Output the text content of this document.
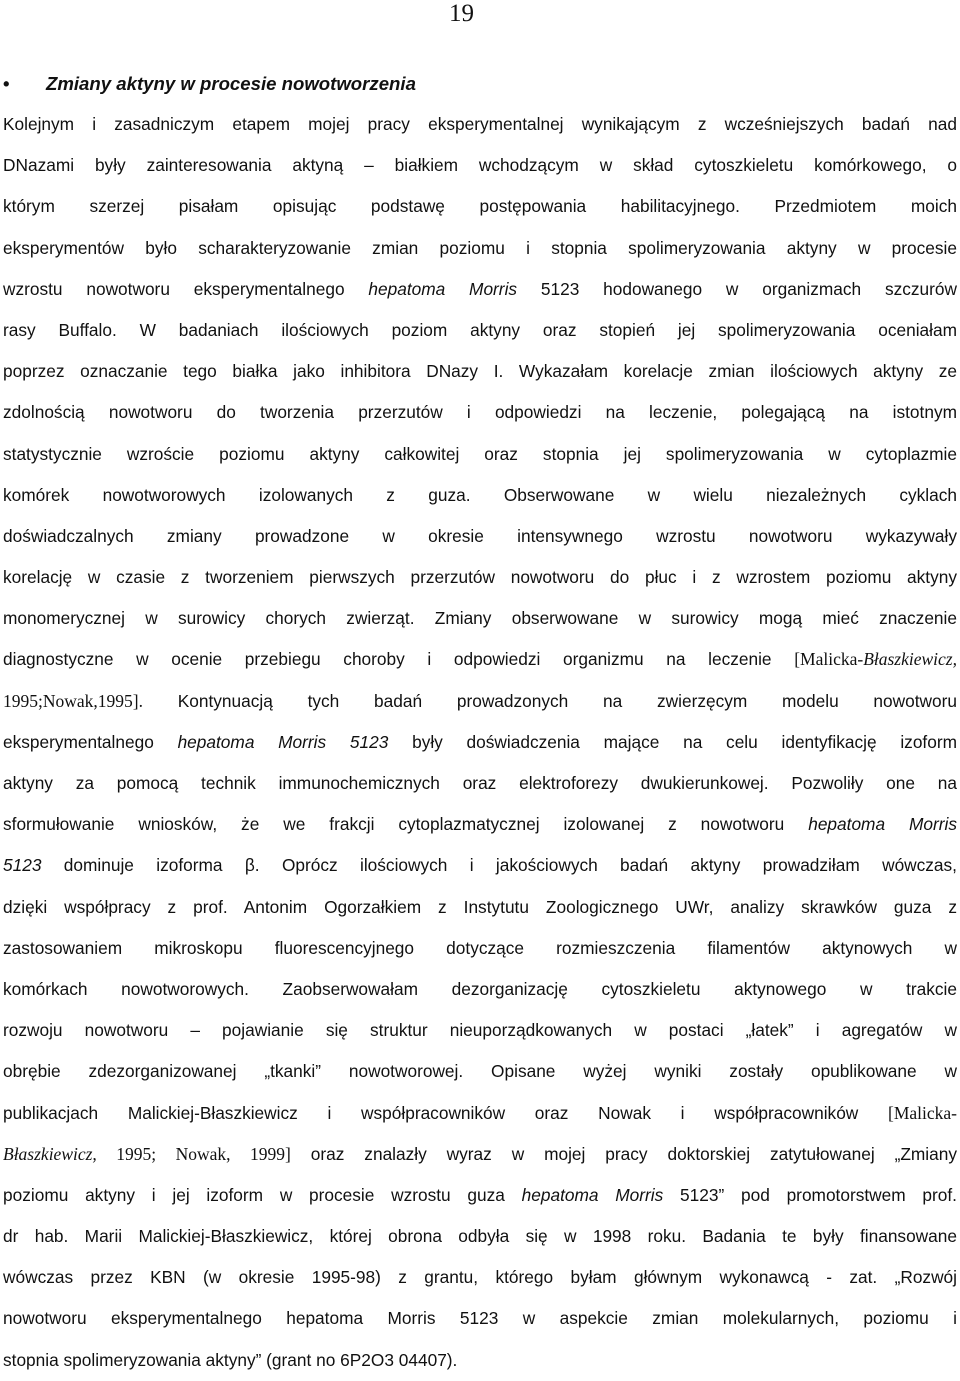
19
• Zmiany aktyny w procesie nowotworzenia
Kolejnym i zasadniczym etapem mojej pracy eksperymentalnej wynikającym z wcześniejszych badań nad
DNazami były zainteresowania aktyną – białkiem wchodzącym w skład cytoszkieletu komórkowego, o
którym szerzej pisałam opisując podstawę postępowania habilitacyjnego. Przedmiotem moich
eksperymentów było scharakteryzowanie zmian poziomu i stopnia spolimeryzowania aktyny w procesie
wzrostu nowotworu eksperymentalnego hepatoma Morris 5123 hodowanego w organizmach szczurów
rasy Buffalo. W badaniach ilościowych poziom aktyny oraz stopień jej spolimeryzowania oceniałam
poprzez oznaczanie tego białka jako inhibitora DNazy I. Wykazałam korelacje zmian ilościowych aktyny ze
zdolnością nowotworu do tworzenia przerzutów i odpowiedzi na leczenie, polegającą na istotnym
statystycznie wzroście poziomu aktyny całkowitej oraz stopnia jej spolimeryzowania w cytoplazmie
komórek nowotworowych izolowanych z guza. Obserwowane w wielu niezależnych cyklach
doświadczalnych zmiany prowadzone w okresie intensywnego wzrostu nowotworu wykazywały
korelację w czasie z tworzeniem pierwszych przerzutów nowotworu do płuc i z wzrostem poziomu aktyny
monomerycznej w surowicy chorych zwierząt. Zmiany obserwowane w surowicy mogą mieć znaczenie
diagnostyczne w ocenie przebiegu choroby i odpowiedzi organizmu na leczenie [Malicka-Błaszkiewicz,
1995;Nowak,1995]. Kontynuacją tych badań prowadzonych na zwierzęcym modelu nowotworu
eksperymentalnego hepatoma Morris 5123 były doświadczenia mające na celu identyfikację izoform
aktyny za pomocą technik immunochemicznych oraz elektroforezy dwukierunkowej. Pozwoliły one na
sformułowanie wniosków, że we frakcji cytoplazmatycznej izolowanej z nowotworu hepatoma Morris
5123 dominuje izoforma β. Oprócz ilościowych i jakościowych badań aktyny prowadziłam wówczas,
dzięki współpracy z prof. Antonim Ogorzałkiem z Instytutu Zoologicznego UWr, analizy skrawków guza z
zastosowaniem mikroskopu fluorescencyjnego dotyczące rozmieszczenia filamentów aktynowych w
komórkach nowotworowych. Zaobserwowałam dezorganizację cytoszkieletu aktynowego w trakcie
rozwoju nowotworu – pojawianie się struktur nieuporządkowanych w postaci „łatek” i agregatów w
obrębie zdezorganizowanej „tkanki” nowotworowej. Opisane wyżej wyniki zostały opublikowane w
publikacjach Malickiej-Błaszkiewicz i współpracowników oraz Nowak i współpracowników [Malicka-
Błaszkiewicz, 1995; Nowak, 1999] oraz znalazły wyraz w mojej pracy doktorskiej zatytułowanej „Zmiany
poziomu aktyny i jej izoform w procesie wzrostu guza hepatoma Morris 5123” pod promotorstwem prof.
dr hab. Marii Malickiej-Błaszkiewicz, której obrona odbyła się w 1998 roku. Badania te były finansowane
wówczas przez KBN (w okresie 1995-98) z grantu, którego byłam głównym wykonawcą - zat. „Rozwój
nowotworu eksperymentalnego hepatoma Morris 5123 w aspekcie zmian molekularnych, poziomu i
stopnia spolimeryzowania aktyny” (grant no 6P2O3 04407).
